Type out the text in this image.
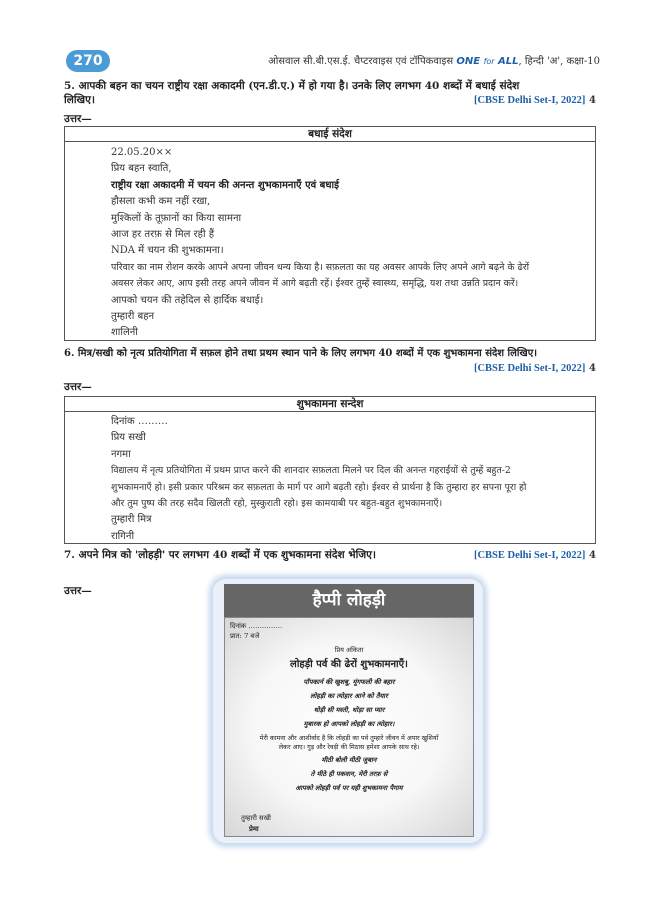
270	ओसवाल सी.बी.एस.ई. चैप्टरवाइस एवं टॉपिकवाइस ONE for ALL, हिन्दी 'अ', कक्षा-10
5. आपकी बहन का चयन राष्ट्रीय रक्षा अकादमी (एन.डी.ए.) में हो गया है। उनके लिए लगभग 40 शब्दों में बधाई संदेश
लिखिए।	[CBSE Delhi Set-I, 2022] 4
उत्तर—
बधाई संदेश
22.05.20××
प्रिय बहन स्वाति,
राष्ट्रीय रक्षा अकादमी में चयन की अनन्त शुभकामनाएँ एवं बधाई
हौसला कभी कम नहीं रखा,
मुश्किलों के तूफ़ानों का किया सामना
आज हर तरफ़ से मिल रही हैं
NDA में चयन की शुभकामना।
परिवार का नाम रोशन करके आपने अपना जीवन धन्य किया है। सफ़लता का यह अवसर आपके लिए अपने आगे बढ़ने के ढेरों
अवसर लेकर आए, आप इसी तरह अपने जीवन में आगे बढ़ती रहें। ईश्वर तुम्हें स्वास्थ्य, समृद्धि, यश तथा उन्नति प्रदान करें।
आपको चयन की तहेदिल से हार्दिक बधाई।
तुम्हारी बहन
शालिनी
6. मित्र/सखी को नृत्य प्रतियोगिता में सफ़ल होने तथा प्रथम स्थान पाने के लिए लगभग 40 शब्दों में एक शुभकामना संदेश लिखिए।
[CBSE Delhi Set-I, 2022] 4
उत्तर—
शुभकामना सन्देश
दिनांक ………
प्रिय सखी
नगमा
विद्यालय में नृत्य प्रतियोगिता में प्रथम प्राप्त करने की शानदार सफ़लता मिलने पर दिल की अनन्त गहराईयों से तुम्हें बहुत-2
शुभकामनाएँ हो। इसी प्रकार परिश्रम कर सफ़लता के मार्ग पर आगे बढ़ती रहो। ईश्वर से प्रार्थना है कि तुम्हारा हर सपना पूरा हो
और तुम पुष्प की तरह सदैव खिलती रहो, मुस्कुराती रहो। इस कामयाबी पर बहुत-बहुत शुभकामनाएँ।
तुम्हारी मित्र
रागिनी
7. अपने मित्र को 'लोहड़ी' पर लगभग 40 शब्दों में एक शुभकामना संदेश भेजिए।	[CBSE Delhi Set-I, 2022] 4
उत्तर—	हैप्पी लोहड़ी
दिनांक ……………
प्रात: 7 बजे
प्रिय अंकिता
लोहड़ी पर्व की ढेरों शुभकामनाएँ।
पॉपकार्न की खुशबू, मूंगफली की बहार
लोहड़ी का त्योहार आने को तैयार
थोड़ी सी मस्ती, थोड़ा सा प्यार
मुबारक हो आपको लोहड़ी का त्योहार।
मेरी कामना और आशीर्वाद है कि लोहड़ी का पर्व तुम्हारे जीवन में अपार खुशियाँ
लेकर आए। गुड़ और रेवड़ी की मिठास हमेशा आपके साथ रहे।
मीठी बोली मीठी जुबान
ते मीठे ही पकवान, मेरी तरफ़ से
आपको लोहड़ी पर्व पर यही शुभकामना पैगाम
तुम्हारी सखी
प्रेमा
